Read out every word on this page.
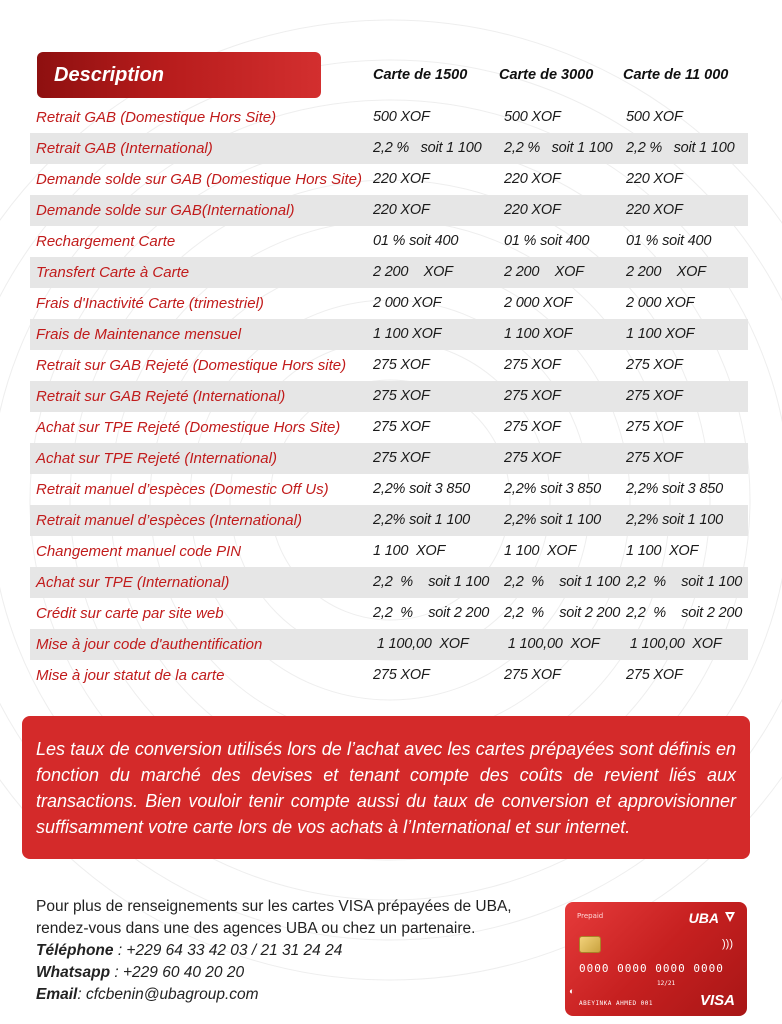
Description	Carte de 1500 Carte de 3000 Carte de 11 000
Retrait GAB (Domestique Hors Site)	500 XOF	500 XOF	500 XOF
Retrait GAB (International)	2,2 %   soit 1 100 2,2 %   soit 1 100 2,2 %   soit 1 100
Demande solde sur GAB (Domestique Hors Site) 220 XOF	220 XOF	220 XOF
Demande solde sur GAB(International)	220 XOF	220 XOF	220 XOF
Rechargement Carte	01 % soit 400	01 % soit 400	01 % soit 400
Transfert Carte à Carte	2 200    XOF	2 200    XOF	2 200    XOF
Frais d'Inactivité Carte (trimestriel)	2 000 XOF	2 000 XOF	2 000 XOF
Frais de Maintenance mensuel	1 100 XOF	1 100 XOF	1 100 XOF
Retrait sur GAB Rejeté (Domestique Hors site) 275 XOF	275 XOF	275 XOF
Retrait sur GAB Rejeté (International)	275 XOF	275 XOF	275 XOF
Achat sur TPE Rejeté (Domestique Hors Site) 275 XOF	275 XOF	275 XOF
Achat sur TPE Rejeté (International)	275 XOF	275 XOF	275 XOF
Retrait manuel d’espèces (Domestic Off Us)	2,2% soit 3 850 2,2% soit 3 850 2,2% soit 3 850
Retrait manuel d’espèces (International)	2,2% soit 1 100 2,2% soit 1 100 2,2% soit 1 100
Changement manuel code PIN	1 100  XOF	1 100  XOF	1 100  XOF
Achat sur TPE (International)	2,2  %    soit 1 100 2,2  %    soit 1 100 2,2  %    soit 1 100
Crédit sur carte par site web	2,2  %    soit 2 200 2,2  %    soit 2 200 2,2  %    soit 2 200
Mise à jour code d'authentification	1 100,00  XOF 1 100,00  XOF 1 100,00  XOF
Mise à jour statut de la carte	275 XOF	275 XOF	275 XOF

Les taux de conversion utilisés lors de l’achat avec les cartes prépayées sont définis en fonction du marché des devises et tenant compte des coûts de revient liés aux transactions. Bien vouloir tenir compte aussi du taux de conversion et approvisionner suffisamment votre carte lors de vos achats à l’International et sur internet.

Pour plus de renseignements sur les cartes VISA prépayées de UBA, rendez-vous dans une des agences UBA ou chez un partenaire.
Téléphone : +229 64 33 42 03 / 21 31 24 24
Whatsapp : +229 60 40 20 20
Email: cfcbenin@ubagroup.com
Prepaid	UBA
)))
0000 0000 0000 0000
12/21
◐
ABEYINKA AHMED 001	VISA
